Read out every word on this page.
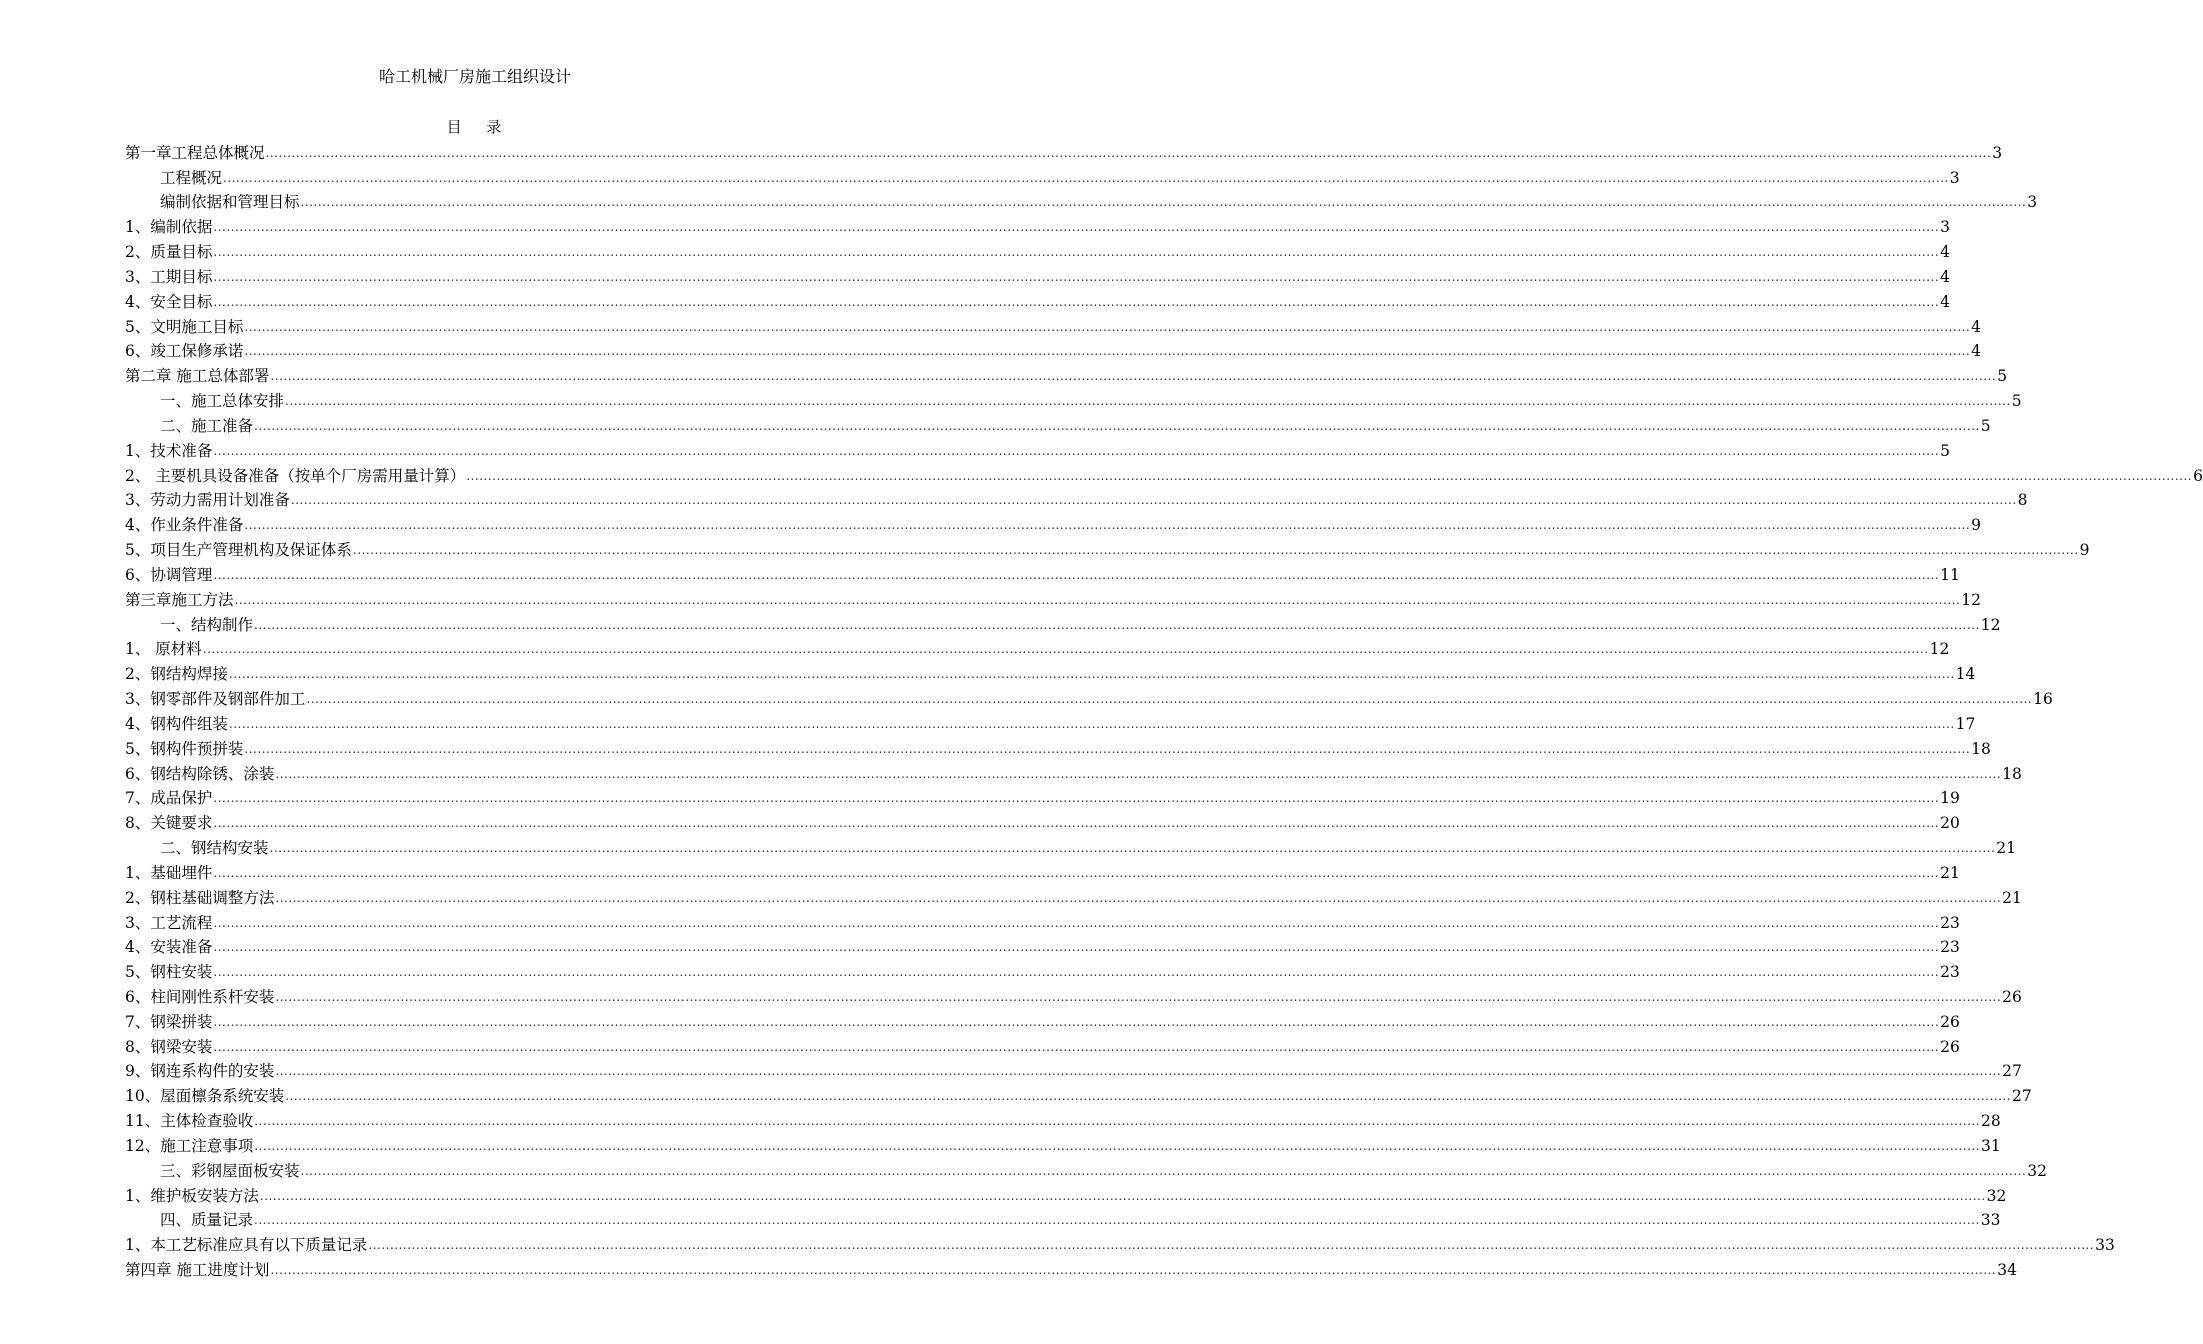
哈工机械厂房施工组织设计
目 录
第一章工程总体概况 ................................................................................................................................................................................................................................................................................................................................................................................................................ 3
工程概况 ................................................................................................................................................................................................................................................................................................................................................................................................................ 3
编制依据和管理目标 ................................................................................................................................................................................................................................................................................................................................................................................................................ 3
1、编制依据 ................................................................................................................................................................................................................................................................................................................................................................................................................ 3
2、质量目标 ................................................................................................................................................................................................................................................................................................................................................................................................................ 4
3、工期目标 ................................................................................................................................................................................................................................................................................................................................................................................................................ 4
4、安全目标 ................................................................................................................................................................................................................................................................................................................................................................................................................ 4
5、文明施工目标 ................................................................................................................................................................................................................................................................................................................................................................................................................ 4
6、竣工保修承诺 ................................................................................................................................................................................................................................................................................................................................................................................................................ 4
第二章 施工总体部署 ................................................................................................................................................................................................................................................................................................................................................................................................................ 5
一、施工总体安排 ................................................................................................................................................................................................................................................................................................................................................................................................................ 5
二、施工准备 ................................................................................................................................................................................................................................................................................................................................................................................................................ 5
1、技术准备 ................................................................................................................................................................................................................................................................................................................................................................................................................ 5
2、 主要机具设备准备（按单个厂房需用量计算） ................................................................................................................................................................................................................................................................................................................................................................................................................ 6
3、劳动力需用计划准备 ................................................................................................................................................................................................................................................................................................................................................................................................................ 8
4、作业条件准备 ................................................................................................................................................................................................................................................................................................................................................................................................................ 9
5、项目生产管理机构及保证体系 ................................................................................................................................................................................................................................................................................................................................................................................................................ 9
6、协调管理 ................................................................................................................................................................................................................................................................................................................................................................................................................ 11
第三章施工方法 ................................................................................................................................................................................................................................................................................................................................................................................................................ 12
一、结构制作 ................................................................................................................................................................................................................................................................................................................................................................................................................ 12
1、 原材料 ................................................................................................................................................................................................................................................................................................................................................................................................................ 12
2、钢结构焊接 ................................................................................................................................................................................................................................................................................................................................................................................................................ 14
3、钢零部件及钢部件加工 ................................................................................................................................................................................................................................................................................................................................................................................................................ 16
4、钢构件组装 ................................................................................................................................................................................................................................................................................................................................................................................................................ 17
5、钢构件预拼装 ................................................................................................................................................................................................................................................................................................................................................................................................................ 18
6、钢结构除锈、涂装 ................................................................................................................................................................................................................................................................................................................................................................................................................ 18
7、成品保护 ................................................................................................................................................................................................................................................................................................................................................................................................................ 19
8、关键要求 ................................................................................................................................................................................................................................................................................................................................................................................................................ 20
二、钢结构安装 ................................................................................................................................................................................................................................................................................................................................................................................................................ 21
1、基础埋件 ................................................................................................................................................................................................................................................................................................................................................................................................................ 21
2、钢柱基础调整方法 ................................................................................................................................................................................................................................................................................................................................................................................................................ 21
3、工艺流程 ................................................................................................................................................................................................................................................................................................................................................................................................................ 23
4、安装准备 ................................................................................................................................................................................................................................................................................................................................................................................................................ 23
5、钢柱安装 ................................................................................................................................................................................................................................................................................................................................................................................................................ 23
6、柱间刚性系杆安装 ................................................................................................................................................................................................................................................................................................................................................................................................................ 26
7、钢梁拼装 ................................................................................................................................................................................................................................................................................................................................................................................................................ 26
8、钢梁安装 ................................................................................................................................................................................................................................................................................................................................................................................................................ 26
9、钢连系构件的安装 ................................................................................................................................................................................................................................................................................................................................................................................................................ 27
10、屋面檩条系统安装 ................................................................................................................................................................................................................................................................................................................................................................................................................ 27
11、主体检查验收 ................................................................................................................................................................................................................................................................................................................................................................................................................ 28
12、施工注意事项 ................................................................................................................................................................................................................................................................................................................................................................................................................ 31
三、彩钢屋面板安装 ................................................................................................................................................................................................................................................................................................................................................................................................................ 32
1、维护板安装方法 ................................................................................................................................................................................................................................................................................................................................................................................................................ 32
四、质量记录 ................................................................................................................................................................................................................................................................................................................................................................................................................ 33
1、本工艺标准应具有以下质量记录 ................................................................................................................................................................................................................................................................................................................................................................................................................ 33
第四章 施工进度计划 ................................................................................................................................................................................................................................................................................................................................................................................................................ 34
